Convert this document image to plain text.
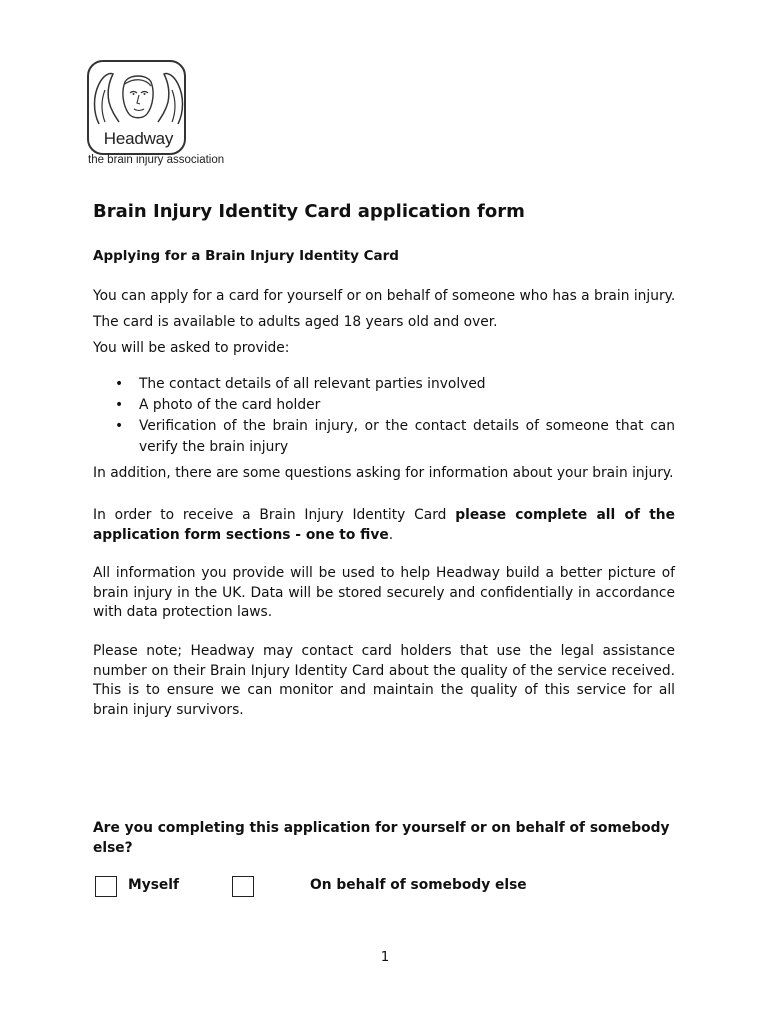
Headway
the brain injury association
Brain Injury Identity Card application form
Applying for a Brain Injury Identity Card
You can apply for a card for yourself or on behalf of someone who has a brain injury.
The card is available to adults aged 18 years old and over.
You will be asked to provide:
• The contact details of all relevant parties involved
• A photo of the card holder
• Verification of the brain injury, or the contact details of someone that can verify the brain injury
In addition, there are some questions asking for information about your brain injury.
In order to receive a Brain Injury Identity Card please complete all of the application form sections - one to five.
All information you provide will be used to help Headway build a better picture of brain injury in the UK. Data will be stored securely and confidentially in accordance with data protection laws.
Please note; Headway may contact card holders that use the legal assistance number on their Brain Injury Identity Card about the quality of the service received. This is to ensure we can monitor and maintain the quality of this service for all brain injury survivors.
Are you completing this application for yourself or on behalf of somebody else?
Myself	On behalf of somebody else
1
